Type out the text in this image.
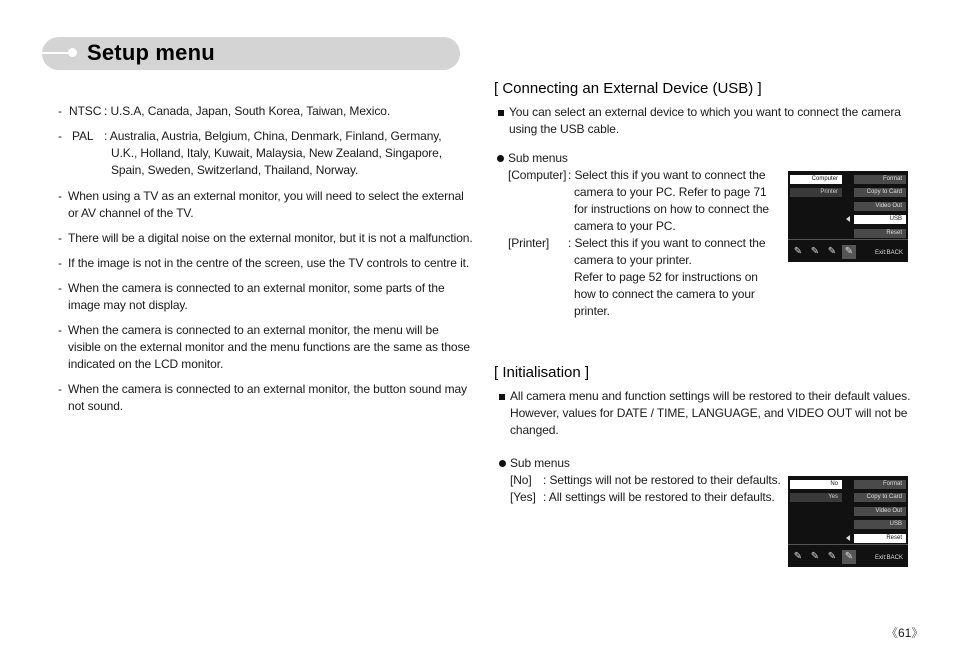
Setup menu
- NTSC : U.S.A, Canada, Japan, South Korea, Taiwan, Mexico.
- PAL : Australia, Austria, Belgium, China, Denmark, Finland, Germany,
U.K., Holland, Italy, Kuwait, Malaysia, New Zealand, Singapore,
Spain, Sweden, Switzerland, Thailand, Norway.
- When using a TV as an external monitor, you will need to select the external
or AV channel of the TV.
- There will be a digital noise on the external monitor, but it is not a malfunction.
- If the image is not in the centre of the screen, use the TV controls to centre it.
- When the camera is connected to an external monitor, some parts of the
image may not display.
- When the camera is connected to an external monitor, the menu will be
visible on the external monitor and the menu functions are the same as those
indicated on the LCD monitor.
- When the camera is connected to an external monitor, the button sound may
not sound.
[ Connecting an External Device (USB) ]
You can select an external device to which you want to connect the camera
using the USB cable.
Sub menus
[Computer] : Select this if you want to connect the
camera to your PC. Refer to page 71
for instructions on how to connect the
camera to your PC.
[Printer] : Select this if you want to connect the
camera to your printer.
Refer to page 52 for instructions on
how to connect the camera to your
printer.
Computer
Printer
Format
Copy to Card
Video Out
USB
Reset
✎ ✎ ✎ ✎	Exit:BACK
[ Initialisation ]
All camera menu and function settings will be restored to their default values.
However, values for DATE / TIME, LANGUAGE, and VIDEO OUT will not be
changed.
Sub menus
[No] : Settings will not be restored to their defaults.
[Yes] : All settings will be restored to their defaults.
No
Yes
Format
Copy to Card
Video Out
USB
Reset
✎ ✎ ✎ ✎	Exit:BACK
《61》
